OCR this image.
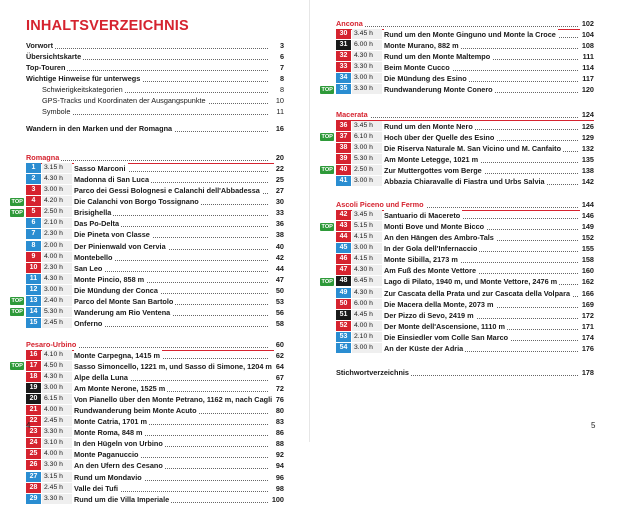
INHALTSVERZEICHNIS
Vorwort	3
Übersichtskarte	6
Top-Touren	7
Wichtige Hinweise für unterwegs	8
Schwierigkeitskategorien	8
GPS-Tracks und Koordinaten der Ausgangspunkte	10
Symbole	11
Wandern in den Marken und der Romagna	16
Romagna	20
1	3.15 h	Sasso Marconi	22
2	4.30 h	Madonna di San Luca	25
3	3.00 h	Parco dei Gessi Bolognesi e Calanchi dell'Abbadessa 27
TOP	4	4.20 h	Die Calanchi von Borgo Tossignano	30
TOP	5	2.50 h	Brisighella	33
6	2.10 h	Das Po-Delta	36
7	2.30 h	Die Pineta von Classe	38
8	2.00 h	Der Pinienwald von Cervia	40
9	4.00 h	Montebello	42
10 2.30 h	San Leo	44
11 4.30 h	Monte Pincio, 858 m	47
12 3.00 h	Die Mündung der Conca	50
TOP 13 2.40 h	Parco del Monte San Bartolo	53
TOP 14 5.30 h	Wanderung am Rio Ventena	56
15 2.45 h	Onferno	58
Pesaro-Urbino	60
16 4.10 h	Monte Carpegna, 1415 m	62
TOP 17 4.50 h	Sasso Simoncello, 1221 m, und Sasso di Simone, 1204 m 64
18 4.30 h	Alpe della Luna	67
19 3.00 h	Am Monte Nerone, 1525 m	72
20 6.15 h	Von Pianello über den Monte Petrano, 1162 m, nach Cagli 76
21 4.00 h	Rundwanderung beim Monte Acuto	80
22 2.45 h	Monte Catria, 1701 m	83
23 3.30 h	Monte Roma, 848 m	86
24 3.10 h	In den Hügeln von Urbino	88
25 4.00 h	Monte Paganuccio	92
26 3.30 h	An den Ufern des Cesano	94
27 3.15 h	Rund um Mondavio	96
28 2.45 h	Valle dei Tufi	98
29 3.30 h	Rund um die Villa Imperiale	100
4
Ancona	102
30 3.45 h	Rund um den Monte Ginguno und Monte la Croce	104
31 6.00 h	Monte Murano, 882 m	108
32 4.30 h	Rund um den Monte Maltempo	111
33 3.30 h	Beim Monte Cucco	114
34 3.00 h	Die Mündung des Esino	117
TOP 35 3.30 h	Rundwanderung Monte Conero	120
Macerata	124
36 3.45 h	Rund um den Monte Nero	126
TOP 37 6.10 h	Hoch über der Quelle des Esino	129
38 3.00 h	Die Riserva Naturale M. San Vicino und M. Canfaito	132
39 5.30 h	Am Monte Letegge, 1021 m	135
TOP 40 2.50 h	Zur Muttergottes vom Berge	138
41 3.00 h	Abbazia Chiaravalle di Fiastra und Urbs Salvia	142
Ascoli Piceno und Fermo	144
42 3.45 h	Santuario di Macereto	146
TOP 43 5.15 h	Monti Bove und Monte Bicco	149
44 4.15 h	An den Hängen des Ambro-Tals	152
45 3.00 h	In der Gola dell'Infernaccio	155
46 4.15 h	Monte Sibilla, 2173 m	158
47 4.30 h	Am Fuß des Monte Vettore	160
TOP 48 6.45 h	Lago di Pilato, 1940 m, und Monte Vettore, 2476 m	162
49 4.30 h	Zur Cascata della Prata und zur Cascata della Volpara 166
50 6.00 h	Die Macera della Monte, 2073 m	169
51 4.45 h	Der Pizzo di Sevo, 2419 m	172
52 4.00 h	Der Monte dell'Ascensione, 1110 m	171
53 2.10 h	Die Einsiedler vom Colle San Marco	174
54 3.00 h	An der Küste der Adria	176
Stichwortverzeichnis	178
5
